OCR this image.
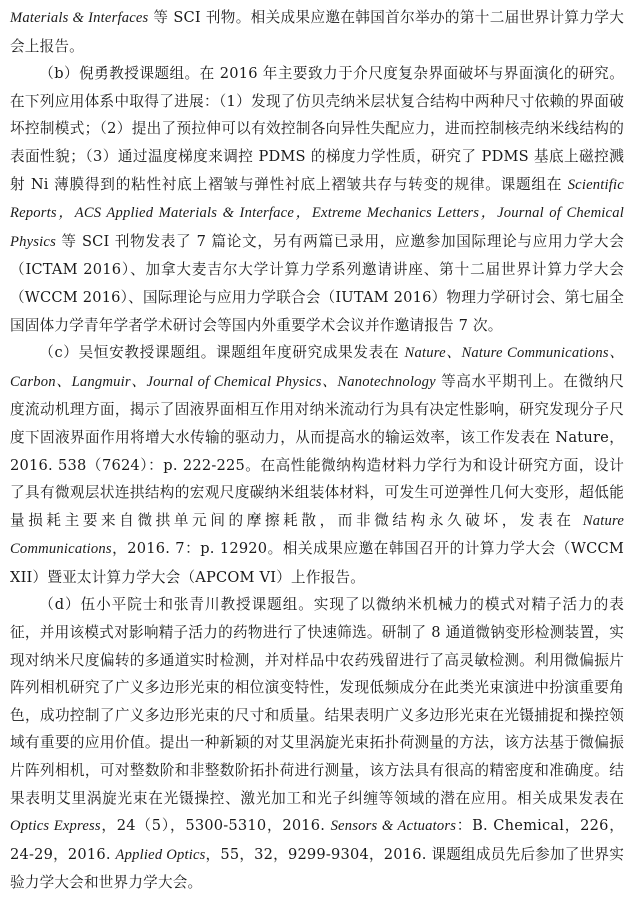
Materials & Interfaces 等 SCI 刊物。相关成果应邀在韩国首尔举办的第十二届世界计算力学大会上报告。

（b）倪勇教授课题组。在 2016 年主要致力于介尺度复杂界面破坏与界面演化的研究。在下列应用体系中取得了进展：（1）发现了仿贝壳纳米层状复合结构中两种尺寸依赖的界面破坏控制模式；（2）提出了预拉伸可以有效控制各向异性失配应力，进而控制核壳纳米线结构的表面性貌；（3）通过温度梯度来调控 PDMS 的梯度力学性质，研究了 PDMS 基底上磁控溅射 Ni 薄膜得到的粘性衬底上褶皱与弹性衬底上褶皱共存与转变的规律。课题组在 Scientific Reports，ACS Applied Materials & Interface，Extreme Mechanics Letters，Journal of Chemical Physics 等 SCI 刊物发表了 7 篇论文，另有两篇已录用，应邀参加国际理论与应用力学大会（ICTAM 2016）、加拿大麦吉尔大学计算力学系列邀请讲座、第十二届世界计算力学大会（WCCM 2016）、国际理论与应用力学联合会（IUTAM 2016）物理力学研讨会、第七届全国固体力学青年学者学术研讨会等国内外重要学术会议并作邀请报告 7 次。

（c）吴恒安教授课题组。课题组年度研究成果发表在 Nature、Nature Communications、Carbon、Langmuir、Journal of Chemical Physics、Nanotechnology 等高水平期刊上。在微纳尺度流动机理方面，揭示了固液界面相互作用对纳米流动行为具有决定性影响，研究发现分子尺度下固液界面作用将增大水传输的驱动力，从而提高水的输运效率，该工作发表在 Nature，2016. 538（7624）：p. 222-225。在高性能微纳构造材料力学行为和设计研究方面，设计了具有微观层状连拱结构的宏观尺度碳纳米组装体材料，可发生可逆弹性几何大变形，超低能量损耗主要来自微拱单元间的摩擦耗散，而非微结构永久破坏，发表在 Nature Communications，2016. 7：p. 12920。相关成果应邀在韩国召开的计算力学大会（WCCM XII）暨亚太计算力学大会（APCOM VI）上作报告。

（d）伍小平院士和张青川教授课题组。实现了以微纳米机械力的模式对精子活力的表征，并用该模式对影响精子活力的药物进行了快速筛选。研制了 8 通道微钠变形检测装置，实现对纳米尺度偏转的多通道实时检测，并对样品中农药残留进行了高灵敏检测。利用微偏振片阵列相机研究了广义多边形光束的相位演变特性，发现低频成分在此类光束演进中扮演重要角色，成功控制了广义多边形光束的尺寸和质量。结果表明广义多边形光束在光镊捕捉和操控领域有重要的应用价值。提出一种新颖的对艾里涡旋光束拓扑荷测量的方法，该方法基于微偏振片阵列相机，可对整数阶和非整数阶拓扑荷进行测量，该方法具有很高的精密度和准确度。结果表明艾里涡旋光束在光镊操控、激光加工和光子纠缠等领域的潜在应用。相关成果发表在 Optics Express，24（5），5300-5310，2016. Sensors & Actuators：B. Chemical，226，24-29，2016. Applied Optics，55，32，9299-9304，2016. 课题组成员先后参加了世界实验力学大会和世界力学大会。
